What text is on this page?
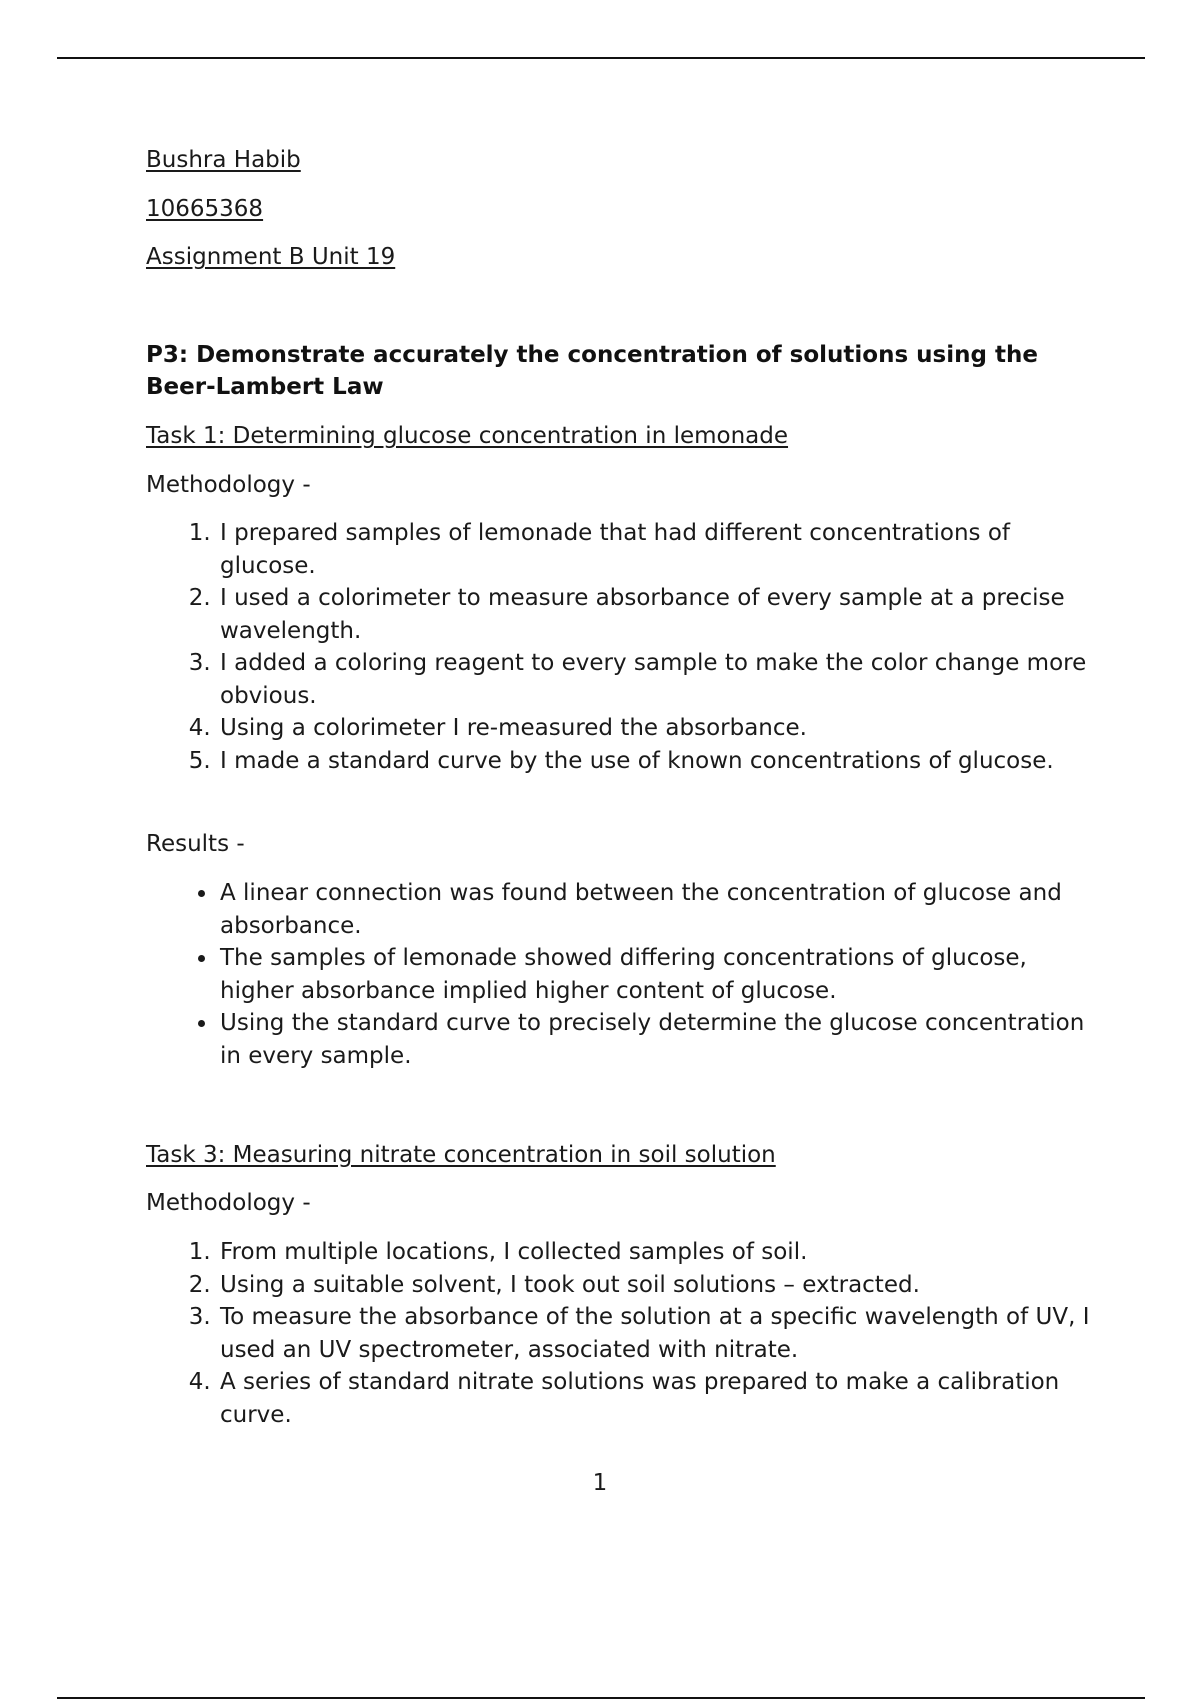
Bushra Habib
10665368
Assignment B Unit 19
P3: Demonstrate accurately the concentration of solutions using the Beer-Lambert Law
Task 1: Determining glucose concentration in lemonade
Methodology -
1. I prepared samples of lemonade that had different concentrations of glucose.
2. I used a colorimeter to measure absorbance of every sample at a precise wavelength.
3. I added a coloring reagent to every sample to make the color change more obvious.
4. Using a colorimeter I re-measured the absorbance.
5. I made a standard curve by the use of known concentrations of glucose.
Results -
• A linear connection was found between the concentration of glucose and absorbance.
• The samples of lemonade showed differing concentrations of glucose, higher absorbance implied higher content of glucose.
• Using the standard curve to precisely determine the glucose concentration in every sample.
Task 3: Measuring nitrate concentration in soil solution
Methodology -
1. From multiple locations, I collected samples of soil.
2. Using a suitable solvent, I took out soil solutions – extracted.
3. To measure the absorbance of the solution at a specific wavelength of UV, I used an UV spectrometer, associated with nitrate.
4. A series of standard nitrate solutions was prepared to make a calibration curve.
1
